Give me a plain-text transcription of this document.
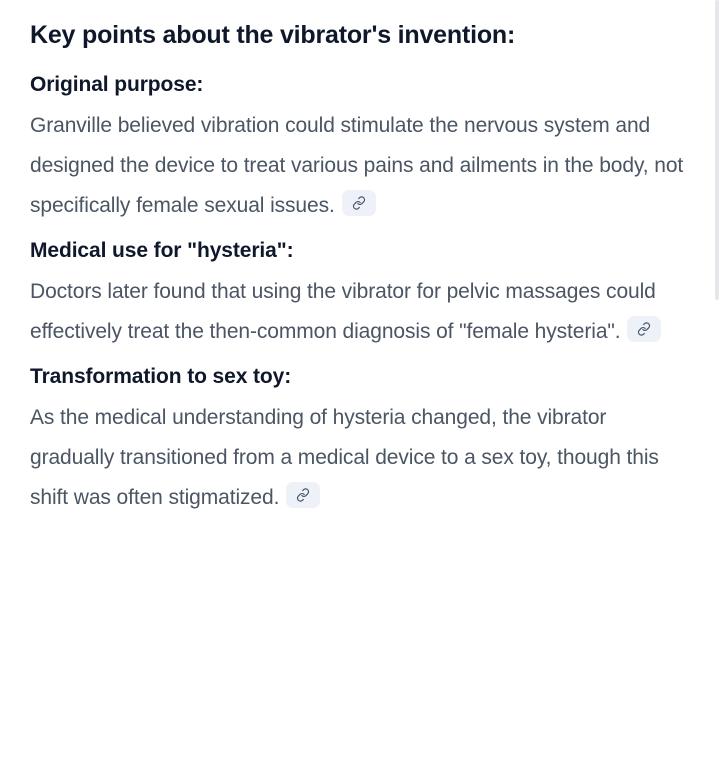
Key points about the vibrator's invention:
Original purpose:

Granville believed vibration could stimulate the nervous system and designed the device to treat various pains and ailments in the body, not specifically female sexual issues.

Medical use for "hysteria":

Doctors later found that using the vibrator for pelvic massages could effectively treat the then-common diagnosis of "female hysteria".

Transformation to sex toy:

As the medical understanding of hysteria changed, the vibrator gradually transitioned from a medical device to a sex toy, though this shift was often stigmatized.
